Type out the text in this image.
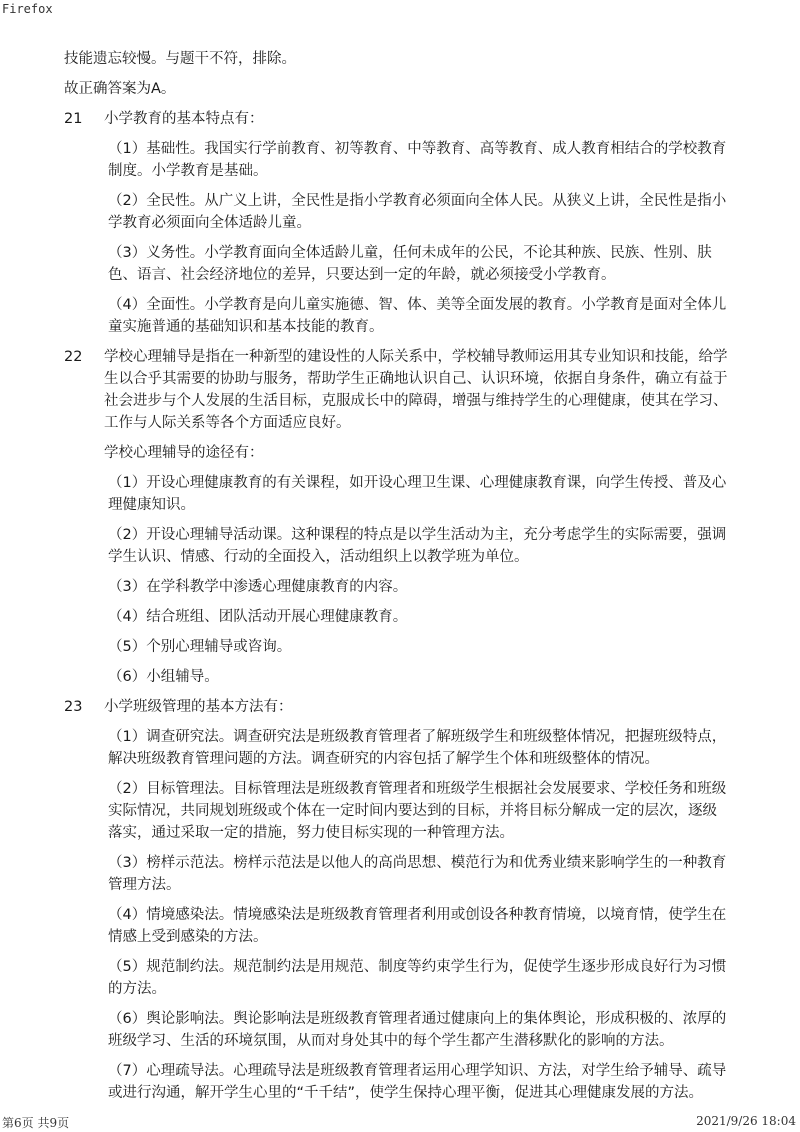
Firefox

技能遗忘较慢。与题干不符，排除。

故正确答案为A。

21 小学教育的基本特点有：

（1）基础性。我国实行学前教育、初等教育、中等教育、高等教育、成人教育相结合的学校教育制度。小学教育是基础。

（2）全民性。从广义上讲，全民性是指小学教育必须面向全体人民。从狭义上讲，全民性是指小学教育必须面向全体适龄儿童。

（3）义务性。小学教育面向全体适龄儿童，任何未成年的公民，不论其种族、民族、性别、肤色、语言、社会经济地位的差异，只要达到一定的年龄，就必须接受小学教育。

（4）全面性。小学教育是向儿童实施德、智、体、美等全面发展的教育。小学教育是面对全体儿童实施普通的基础知识和基本技能的教育。

22 学校心理辅导是指在一种新型的建设性的人际关系中，学校辅导教师运用其专业知识和技能，给学生以合乎其需要的协助与服务，帮助学生正确地认识自己、认识环境，依据自身条件，确立有益于社会进步与个人发展的生活目标，克服成长中的障碍，增强与维持学生的心理健康，使其在学习、工作与人际关系等各个方面适应良好。

学校心理辅导的途径有：

（1）开设心理健康教育的有关课程，如开设心理卫生课、心理健康教育课，向学生传授、普及心理健康知识。

（2）开设心理辅导活动课。这种课程的特点是以学生活动为主，充分考虑学生的实际需要，强调学生认识、情感、行动的全面投入，活动组织上以教学班为单位。

（3）在学科教学中渗透心理健康教育的内容。

（4）结合班组、团队活动开展心理健康教育。

（5）个别心理辅导或咨询。

（6）小组辅导。

23 小学班级管理的基本方法有：

（1）调查研究法。调查研究法是班级教育管理者了解班级学生和班级整体情况，把握班级特点，解决班级教育管理问题的方法。调查研究的内容包括了解学生个体和班级整体的情况。

（2）目标管理法。目标管理法是班级教育管理者和班级学生根据社会发展要求、学校任务和班级实际情况，共同规划班级或个体在一定时间内要达到的目标，并将目标分解成一定的层次，逐级落实，通过采取一定的措施，努力使目标实现的一种管理方法。

（3）榜样示范法。榜样示范法是以他人的高尚思想、模范行为和优秀业绩来影响学生的一种教育管理方法。

（4）情境感染法。情境感染法是班级教育管理者利用或创设各种教育情境，以境育情，使学生在情感上受到感染的方法。

（5）规范制约法。规范制约法是用规范、制度等约束学生行为，促使学生逐步形成良好行为习惯的方法。

（6）舆论影响法。舆论影响法是班级教育管理者通过健康向上的集体舆论，形成积极的、浓厚的班级学习、生活的环境氛围，从而对身处其中的每个学生都产生潜移默化的影响的方法。

（7）心理疏导法。心理疏导法是班级教育管理者运用心理学知识、方法，对学生给予辅导、疏导或进行沟通，解开学生心里的“千千结”，使学生保持心理平衡，促进其心理健康发展的方法。

第6页 共9页	2021/9/26 18:04
